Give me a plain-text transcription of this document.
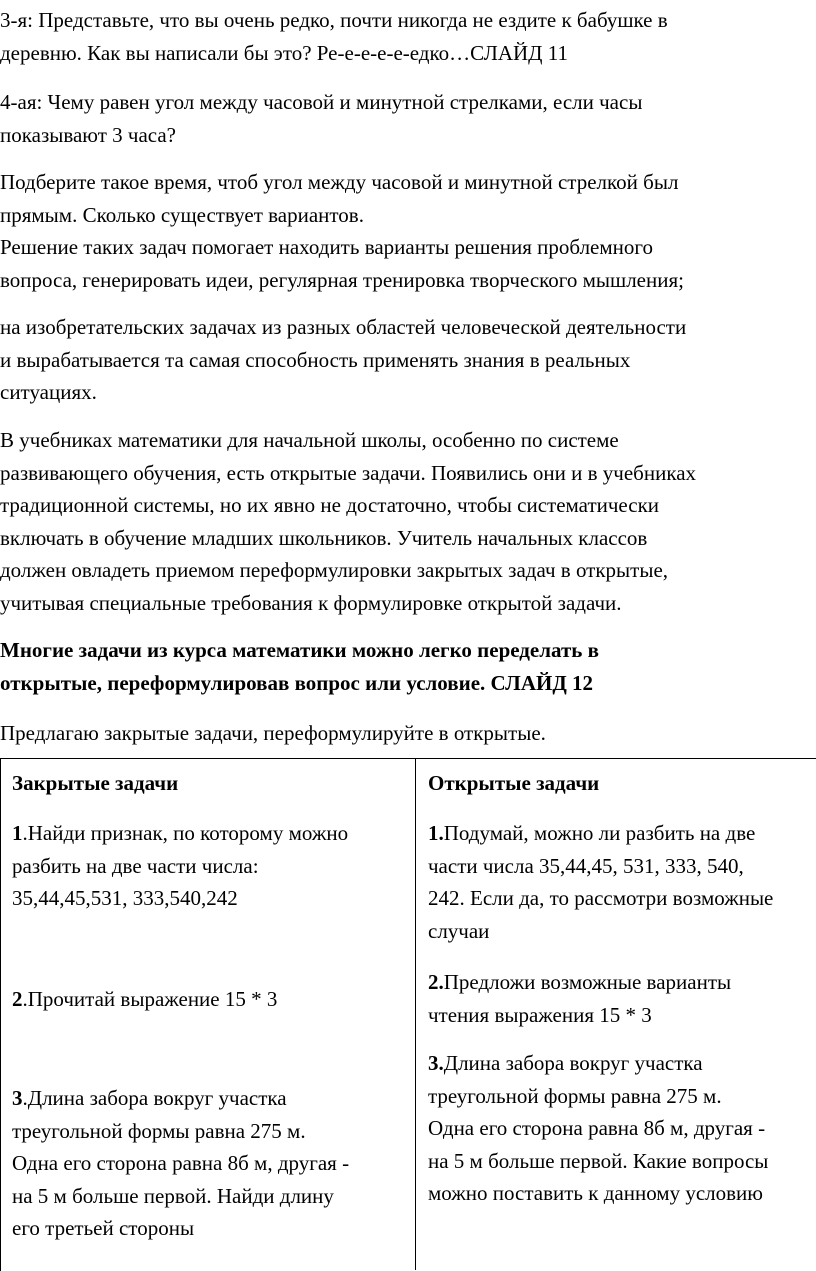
3-я: Представьте, что вы очень редко, почти никогда не ездите к бабушке в
деревню. Как вы написали бы это? Ре-е-е-е-е-едко…СЛАЙД 11

4-ая: Чему равен угол между часовой и минутной стрелками, если часы
показывают 3 часа?

Подберите такое время, чтоб угол между часовой и минутной стрелкой был
прямым. Сколько существует вариантов.
Решение таких задач помогает находить варианты решения проблемного
вопроса, генерировать идеи, регулярная тренировка творческого мышления;

на изобретательских задачах из разных областей человеческой деятельности
и вырабатывается та самая способность применять знания в реальных
ситуациях.

В учебниках математики для начальной школы, особенно по системе
развивающего обучения, есть открытые задачи. Появились они и в учебниках
традиционной системы, но их явно не достаточно, чтобы систематически
включать в обучение младших школьников. Учитель начальных классов
должен овладеть приемом переформулировки закрытых задач в открытые,
учитывая специальные требования к формулировке открытой задачи.

Многие задачи из курса математики можно легко переделать в
открытые, переформулировав вопрос или условие. СЛАЙД 12

Предлагаю закрытые задачи, переформулируйте в открытые.

Закрытые задачи
1.Найди признак, по которому можно
разбить на две части числа:
35,44,45,531, 333,540,242
2.Прочитай выражение 15 * 3
3.Длина забора вокруг участка
треугольной формы равна 275 м.
Одна его сторона равна 8б м, другая -
на 5 м больше первой. Найди длину
его третьей стороны
Открытые задачи
1.Подумай, можно ли разбить на две
части числа 35,44,45, 531, 333, 540,
242. Если да, то рассмотри возможные
случаи
2.Предложи возможные варианты
чтения выражения 15 * 3
3.Длина забора вокруг участка
треугольной формы равна 275 м.
Одна его сторона равна 8б м, другая -
на 5 м больше первой. Какие вопросы
можно поставить к данному условию
